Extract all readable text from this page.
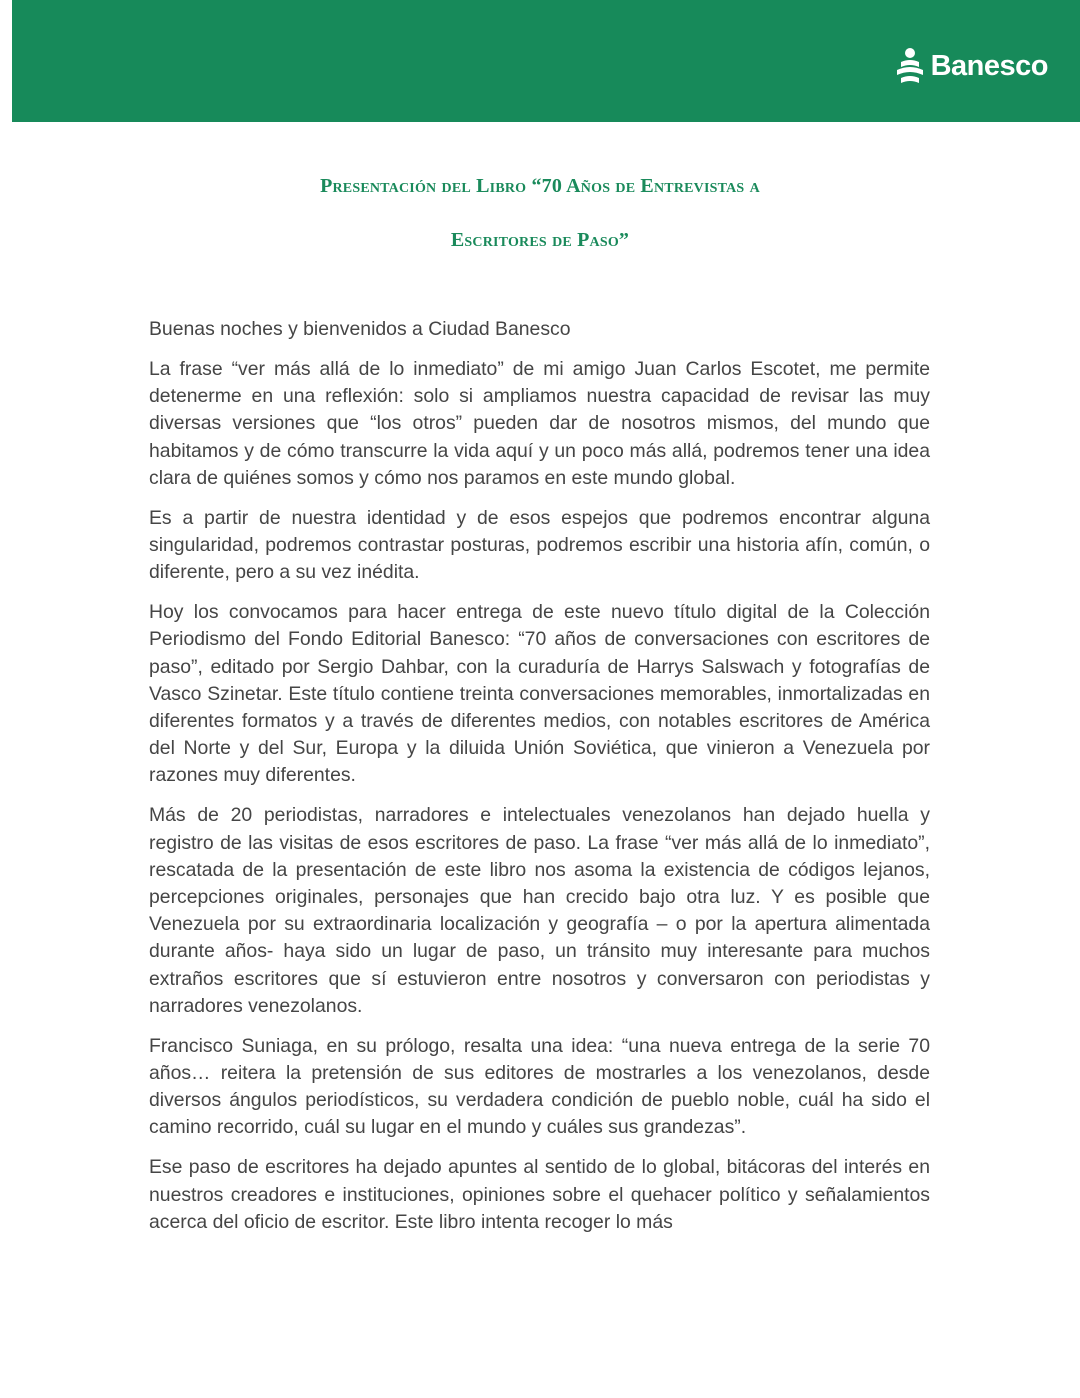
Banesco
Presentación del Libro “70 Años de Entrevistas a
Escritores de Paso”

Buenas noches y bienvenidos a Ciudad Banesco

La frase “ver más allá de lo inmediato” de mi amigo Juan Carlos Escotet, me permite detenerme en una reflexión: solo si ampliamos nuestra capacidad de revisar las muy diversas versiones que “los otros” pueden dar de nosotros mismos, del mundo que habitamos y de cómo transcurre la vida aquí y un poco más allá, podremos tener una idea clara de quiénes somos y cómo nos paramos en este mundo global.

Es a partir de nuestra identidad y de esos espejos que podremos encontrar alguna singularidad, podremos contrastar posturas, podremos escribir una historia afín, común, o diferente, pero a su vez inédita.

Hoy los convocamos para hacer entrega de este nuevo título digital de la Colección Periodismo del Fondo Editorial Banesco: “70 años de conversaciones con escritores de paso”, editado por Sergio Dahbar, con la curaduría de Harrys Salswach y fotografías de Vasco Szinetar. Este título contiene treinta conversaciones memorables, inmortalizadas en diferentes formatos y a través de diferentes medios, con notables escritores de América del Norte y del Sur, Europa y la diluida Unión Soviética, que vinieron a Venezuela por razones muy diferentes.

Más de 20 periodistas, narradores e intelectuales venezolanos han dejado huella y registro de las visitas de esos escritores de paso. La frase “ver más allá de lo inmediato”, rescatada de la presentación de este libro nos asoma la existencia de códigos lejanos, percepciones originales, personajes que han crecido bajo otra luz. Y es posible que Venezuela por su extraordinaria localización y geografía – o por la apertura alimentada durante años- haya sido un lugar de paso, un tránsito muy interesante para muchos extraños escritores que sí estuvieron entre nosotros y conversaron con periodistas y narradores venezolanos.

Francisco Suniaga, en su prólogo, resalta una idea: “una nueva entrega de la serie 70 años… reitera la pretensión de sus editores de mostrarles a los venezolanos, desde diversos ángulos periodísticos, su verdadera condición de pueblo noble, cuál ha sido el camino recorrido, cuál su lugar en el mundo y cuáles sus grandezas”.

Ese paso de escritores ha dejado apuntes al sentido de lo global, bitácoras del interés en nuestros creadores e instituciones, opiniones sobre el quehacer político y señalamientos acerca del oficio de escritor. Este libro intenta recoger lo más
